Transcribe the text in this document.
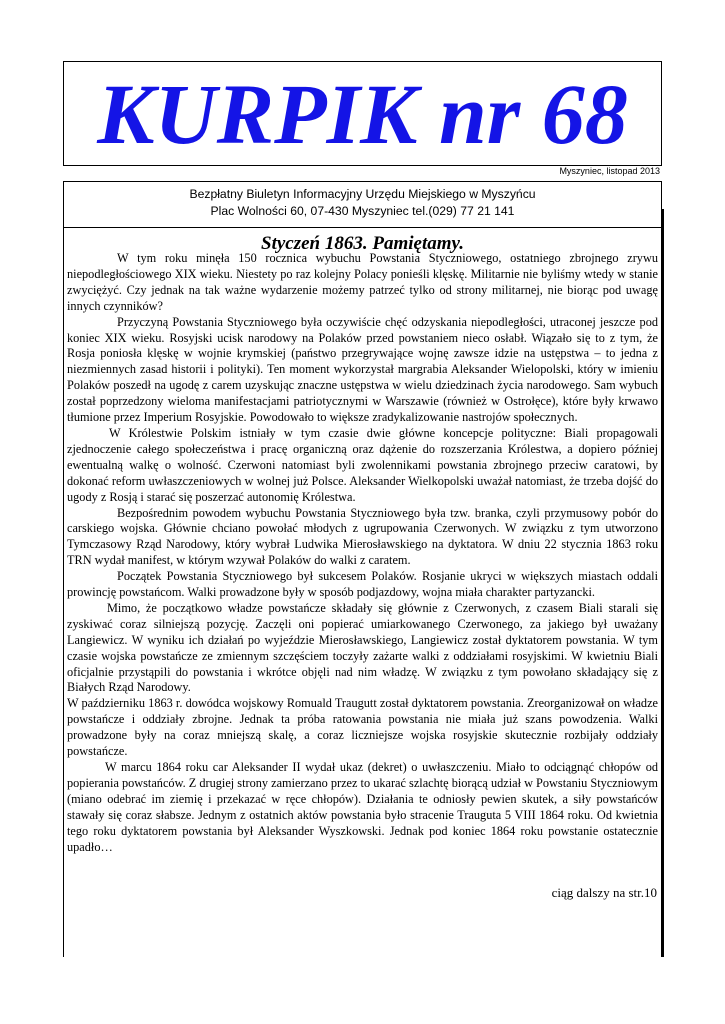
KURPIK nr 68
Myszyniec, listopad 2013
Bezpłatny Biuletyn Informacyjny Urzędu Miejskiego w Myszyńcu
Plac Wolności 60, 07-430 Myszyniec tel.(029) 77 21 141
Styczeń 1863. Pamiętamy.

W tym roku minęła 150 rocznica wybuchu Powstania Styczniowego, ostatniego zbrojnego zrywu niepodległościowego XIX wieku. Niestety po raz kolejny Polacy ponieśli klęskę. Militarnie nie byliśmy wtedy w stanie zwyciężyć. Czy jednak na tak ważne wydarzenie możemy patrzeć tylko od strony militarnej, nie biorąc pod uwagę innych czynników?

Przyczyną Powstania Styczniowego była oczywiście chęć odzyskania niepodległości, utraconej jeszcze pod koniec XIX wieku. Rosyjski ucisk narodowy na Polaków przed powstaniem nieco osłabł. Wiązało się to z tym, że Rosja poniosła klęskę w wojnie krymskiej (państwo przegrywające wojnę zawsze idzie na ustępstwa – to jedna z niezmiennych zasad historii i polityki). Ten moment wykorzystał margrabia Aleksander Wielopolski, który w imieniu Polaków poszedł na ugodę z carem uzyskując znaczne ustępstwa w wielu dziedzinach życia narodowego. Sam wybuch został poprzedzony wieloma manifestacjami patriotycznymi w Warszawie (również w Ostrołęce), które były krwawo tłumione przez Imperium Rosyjskie. Powodowało to większe zradykalizowanie nastrojów społecznych.

W Królestwie Polskim istniały w tym czasie dwie główne koncepcje polityczne: Biali propagowali zjednoczenie całego społeczeństwa i pracę organiczną oraz dążenie do rozszerzania Królestwa, a dopiero później ewentualną walkę o wolność. Czerwoni natomiast byli zwolennikami powstania zbrojnego przeciw caratowi, by dokonać reform uwłaszczeniowych w wolnej już Polsce. Aleksander Wielkopolski uważał natomiast, że trzeba dojść do ugody z Rosją i starać się poszerzać autonomię Królestwa.

Bezpośrednim powodem wybuchu Powstania Styczniowego była tzw. branka, czyli przymusowy pobór do carskiego wojska. Głównie chciano powołać młodych z ugrupowania Czerwonych. W związku z tym utworzono Tymczasowy Rząd Narodowy, który wybrał Ludwika Mierosławskiego na dyktatora. W dniu 22 stycznia 1863 roku TRN wydał manifest, w którym wzywał Polaków do walki z caratem.

Początek Powstania Styczniowego był sukcesem Polaków. Rosjanie ukryci w większych miastach oddali prowincję powstańcom. Walki prowadzone były w sposób podjazdowy, wojna miała charakter partyzancki.

Mimo, że początkowo władze powstańcze składały się głównie z Czerwonych, z czasem Biali starali się zyskiwać coraz silniejszą pozycję. Zaczęli oni popierać umiarkowanego Czerwonego, za jakiego był uważany Langiewicz. W wyniku ich działań po wyjeździe Mierosławskiego, Langiewicz został dyktatorem powstania. W tym czasie wojska powstańcze ze zmiennym szczęściem toczyły zażarte walki z oddziałami rosyjskimi. W kwietniu Biali oficjalnie przystąpili do powstania i wkrótce objęli nad nim władzę. W związku z tym powołano składający się z Białych Rząd Narodowy.

W październiku 1863 r. dowódca wojskowy Romuald Traugutt został dyktatorem powstania. Zreorganizował on władze powstańcze i oddziały zbrojne. Jednak ta próba ratowania powstania nie miała już szans powodzenia. Walki prowadzone były na coraz mniejszą skalę, a coraz liczniejsze wojska rosyjskie skutecznie rozbijały oddziały powstańcze.

W marcu 1864 roku car Aleksander II wydał ukaz (dekret) o uwłaszczeniu. Miało to odciągnąć chłopów od popierania powstańców. Z drugiej strony zamierzano przez to ukarać szlachtę biorącą udział w Powstaniu Styczniowym (miano odebrać im ziemię i przekazać w ręce chłopów). Działania te odniosły pewien skutek, a siły powstańców stawały się coraz słabsze. Jednym z ostatnich aktów powstania było stracenie Trauguta 5 VIII 1864 roku. Od kwietnia tego roku dyktatorem powstania był Aleksander Wyszkowski. Jednak pod koniec 1864 roku powstanie ostatecznie upadło…

ciąg dalszy na str.10
